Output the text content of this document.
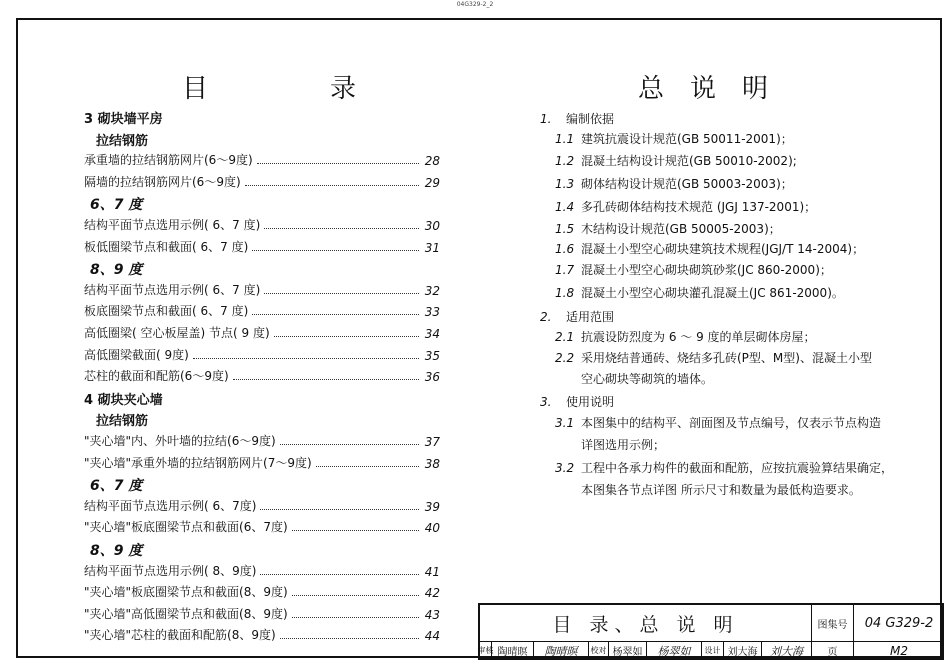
04G329-2_2
目	录
3 砌块墙平房
拉结钢筋
承重墙的拉结钢筋网片(6～9度)	28
隔墙的拉结钢筋网片(6～9度)	29
6、7 度
结构平面节点选用示例( 6、7 度)	30
板低圈梁节点和截面( 6、7 度)	31
8、9 度
结构平面节点选用示例( 6、7 度)	32
板底圈梁节点和截面( 6、7 度)	33
高低圈梁( 空心板屋盖) 节点( 9 度)	34
高低圈梁截面( 9度)	35
芯柱的截面和配筋(6～9度)	36
4 砌块夹心墙
拉结钢筋
"夹心墙"内、外叶墙的拉结(6～9度)	37
"夹心墙"承重外墙的拉结钢筋网片(7～9度)	38
6、7 度
结构平面节点选用示例( 6、7度)	39
"夹心墙"板底圈梁节点和截面(6、7度)	40
8、9 度
结构平面节点选用示例( 8、9度)	41
"夹心墙"板底圈梁节点和截面(8、9度)	42
"夹心墙"高低圈梁节点和截面(8、9度)	43
"夹心墙"芯柱的截面和配筋(8、9度)	44
总 说 明
1. 编制依据
1.1 建筑抗震设计规范(GB 50011-2001)；
1.2 混凝土结构设计规范(GB 50010-2002);
1.3 砌体结构设计规范(GB 50003-2003)；
1.4 多孔砖砌体结构技术规范 (JGJ 137-2001)；
1.5 木结构设计规范(GB 50005-2003)；
1.6 混凝土小型空心砌块建筑技术规程(JGJ/T 14-2004)；
1.7 混凝土小型空心砌块砌筑砂浆(JC 860-2000)；
1.8 混凝土小型空心砌块灌孔混凝土(JC 861-2000)。
2. 适用范围
2.1 抗震设防烈度为 6 ～ 9 度的单层砌体房屋；
2.2 采用烧结普通砖、烧结多孔砖(P型、M型)、混凝土小型
空心砌块等砌筑的墙体。
3. 使用说明
3.1 本图集中的结构平、剖面图及节点编号，仅表示节点构造
详图选用示例；
3.2 工程中各承力构件的截面和配筋，应按抗震验算结果确定，
本图集各节点详图 所示尺寸和数量为最低构造要求。
目 录、总 说 明	图集号	04 G329-2
审核 陶晴暝	陶晴暝	校对 杨翠如	杨翠如	设计 刘大海	刘大海	页	M2
